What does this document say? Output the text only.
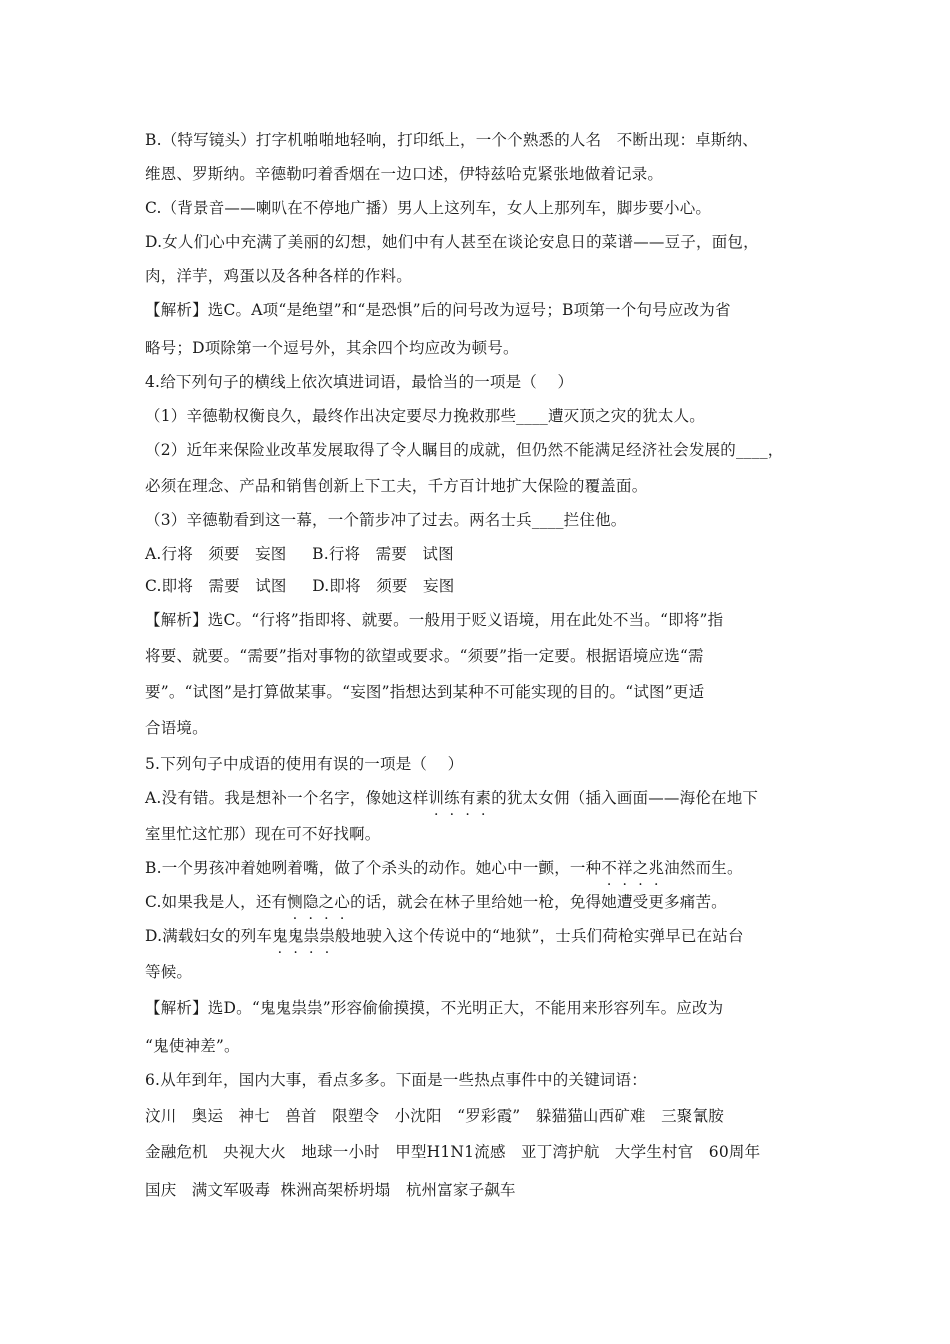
B.（特写镜头）打字机啪啪地轻响，打印纸上，一个个熟悉的人名   不断出现：卓斯纳、
维恩、罗斯纳。辛德勒叼着香烟在一边口述，伊特兹哈克紧张地做着记录。
C.（背景音——喇叭在不停地广播）男人上这列车，女人上那列车，脚步要小心。
D.女人们心中充满了美丽的幻想，她们中有人甚至在谈论安息日的菜谱——豆子，面包，
肉，洋芋，鸡蛋以及各种各样的作料。
【解析】选C。A项“是绝望”和“是恐惧”后的问号改为逗号；B项第一个句号应改为省
略号；D项除第一个逗号外，其余四个均应改为顿号。
4.给下列句子的横线上依次填进词语，最恰当的一项是（    ）
（1）辛德勒权衡良久，最终作出决定要尽力挽救那些____遭灭顶之灾的犹太人。
（2）近年来保险业改革发展取得了令人瞩目的成就，但仍然不能满足经济社会发展的____，
必须在理念、产品和销售创新上下工夫，千方百计地扩大保险的覆盖面。
（3）辛德勒看到这一幕，一个箭步冲了过去。两名士兵____拦住他。
A.行将   须要   妄图     B.行将   需要   试图
C.即将   需要   试图     D.即将   须要   妄图
【解析】选C。“行将”指即将、就要。一般用于贬义语境，用在此处不当。“即将”指
将要、就要。“需要”指对事物的欲望或要求。“须要”指一定要。根据语境应选“需
要”。“试图”是打算做某事。“妄图”指想达到某种不可能实现的目的。“试图”更适
合语境。
5.下列句子中成语的使用有误的一项是（    ）
A.没有错。我是想补一个名字，像她这样训练有素的犹太女佣（插入画面——海伦在地下
室里忙这忙那）现在可不好找啊。
B.一个男孩冲着她咧着嘴，做了个杀头的动作。她心中一颤，一种不祥之兆油然而生。
C.如果我是人，还有恻隐之心的话，就会在林子里给她一枪，免得她遭受更多痛苦。
D.满载妇女的列车鬼鬼祟祟般地驶入这个传说中的“地狱”，士兵们荷枪实弹早已在站台
等候。
【解析】选D。“鬼鬼祟祟”形容偷偷摸摸，不光明正大，不能用来形容列车。应改为
“鬼使神差”。
6.从年到年，国内大事，看点多多。下面是一些热点事件中的关键词语：
汶川   奥运   神七   兽首   限塑令   小沈阳   “罗彩霞”   躲猫猫山西矿难   三聚氰胺
金融危机   央视大火   地球一小时   甲型H1N1流感   亚丁湾护航   大学生村官   60周年
国庆   满文军吸毒  株洲高架桥坍塌   杭州富家子飙车
